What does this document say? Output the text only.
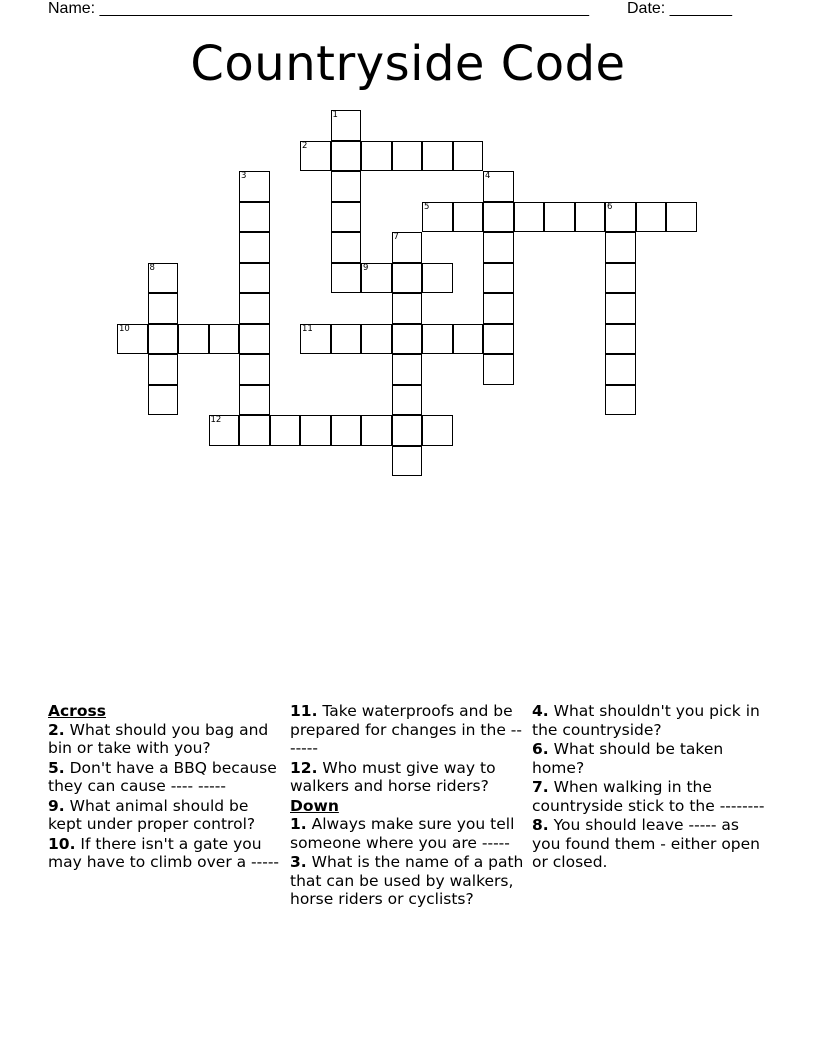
Name: _______________________________________________________ Date: _______
Countryside Code
1
2
3	4
5	6
7
8	9
10	11
12
Across
2. What should you bag and bin or take with you?
5. Don't have a BBQ because they can cause ---- -----
9. What animal should be kept under proper control?
10. If there isn't a gate you may have to climb over a -----
11. Take waterproofs and be prepared for changes in the -------
12. Who must give way to walkers and horse riders?
Down
1. Always make sure you tell someone where you are -----
3. What is the name of a path that can be used by walkers, horse riders or cyclists?
4. What shouldn't you pick in the countryside?
6. What should be taken home?
7. When walking in the countryside stick to the --------
8. You should leave ----- as you found them - either open or closed.
